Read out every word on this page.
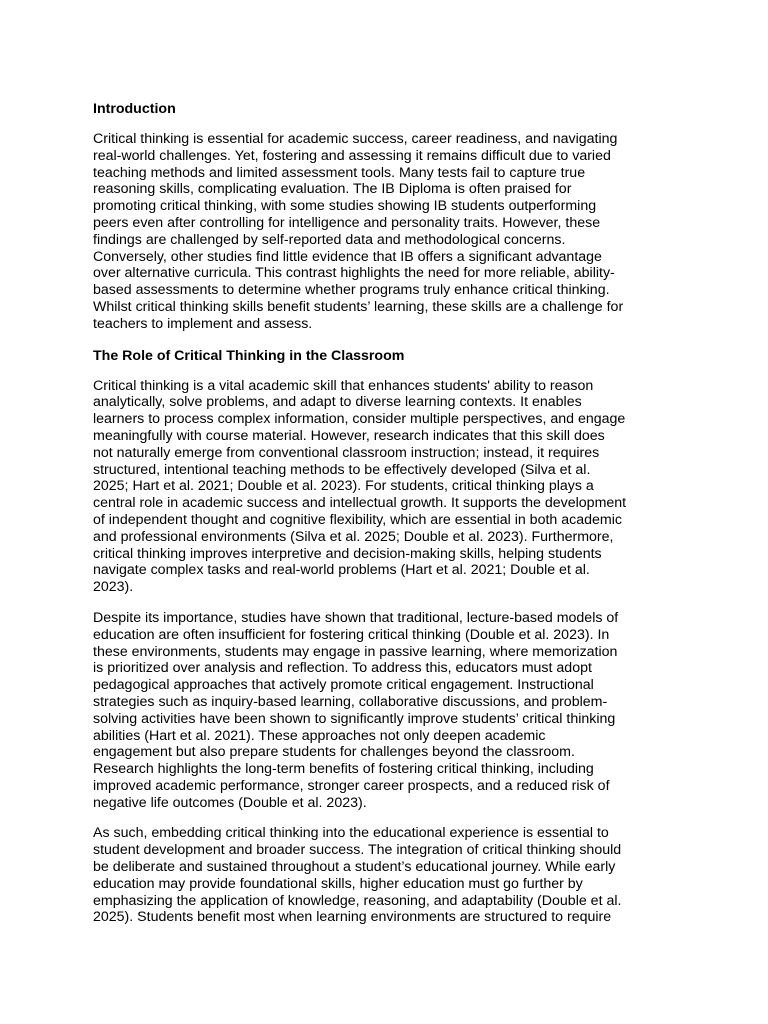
Introduction
Critical thinking is essential for academic success, career readiness, and navigating
real-world challenges. Yet, fostering and assessing it remains difficult due to varied
teaching methods and limited assessment tools. Many tests fail to capture true
reasoning skills, complicating evaluation. The IB Diploma is often praised for
promoting critical thinking, with some studies showing IB students outperforming
peers even after controlling for intelligence and personality traits. However, these
findings are challenged by self-reported data and methodological concerns.
Conversely, other studies find little evidence that IB offers a significant advantage
over alternative curricula. This contrast highlights the need for more reliable, ability-
based assessments to determine whether programs truly enhance critical thinking.
Whilst critical thinking skills benefit students’ learning, these skills are a challenge for
teachers to implement and assess.
The Role of Critical Thinking in the Classroom
Critical thinking is a vital academic skill that enhances students' ability to reason
analytically, solve problems, and adapt to diverse learning contexts. It enables
learners to process complex information, consider multiple perspectives, and engage
meaningfully with course material. However, research indicates that this skill does
not naturally emerge from conventional classroom instruction; instead, it requires
structured, intentional teaching methods to be effectively developed (Silva et al.
2025; Hart et al. 2021; Double et al. 2023). For students, critical thinking plays a
central role in academic success and intellectual growth. It supports the development
of independent thought and cognitive flexibility, which are essential in both academic
and professional environments (Silva et al. 2025; Double et al. 2023). Furthermore,
critical thinking improves interpretive and decision-making skills, helping students
navigate complex tasks and real-world problems (Hart et al. 2021; Double et al.
2023).
Despite its importance, studies have shown that traditional, lecture-based models of
education are often insufficient for fostering critical thinking (Double et al. 2023). In
these environments, students may engage in passive learning, where memorization
is prioritized over analysis and reflection. To address this, educators must adopt
pedagogical approaches that actively promote critical engagement. Instructional
strategies such as inquiry-based learning, collaborative discussions, and problem-
solving activities have been shown to significantly improve students’ critical thinking
abilities (Hart et al. 2021). These approaches not only deepen academic
engagement but also prepare students for challenges beyond the classroom.
Research highlights the long-term benefits of fostering critical thinking, including
improved academic performance, stronger career prospects, and a reduced risk of
negative life outcomes (Double et al. 2023).
As such, embedding critical thinking into the educational experience is essential to
student development and broader success. The integration of critical thinking should
be deliberate and sustained throughout a student’s educational journey. While early
education may provide foundational skills, higher education must go further by
emphasizing the application of knowledge, reasoning, and adaptability (Double et al.
2025). Students benefit most when learning environments are structured to require
